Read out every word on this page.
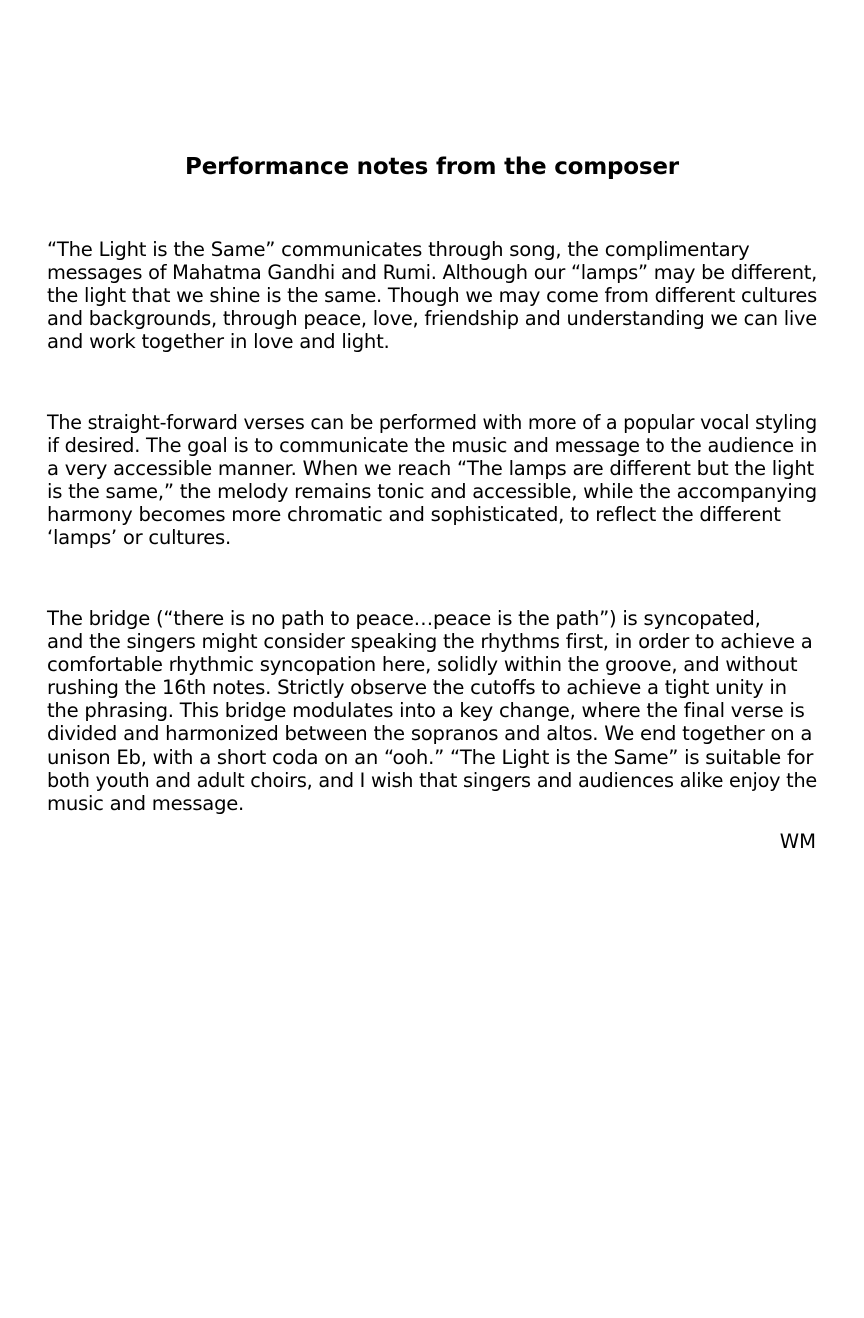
Performance notes from the composer
“The Light is the Same” communicates through song, the complimentary
messages of Mahatma Gandhi and Rumi. Although our “lamps” may be different,
the light that we shine is the same. Though we may come from different cultures
and backgrounds, through peace, love, friendship and understanding we can live
and work together in love and light.
The straight-forward verses can be performed with more of a popular vocal styling
if desired. The goal is to communicate the music and message to the audience in
a very accessible manner. When we reach “The lamps are different but the light
is the same,” the melody remains tonic and accessible, while the accompanying
harmony becomes more chromatic and sophisticated, to reflect the different
‘lamps’ or cultures.
The bridge (“there is no path to peace…peace is the path”) is syncopated,
and the singers might consider speaking the rhythms first, in order to achieve a
comfortable rhythmic syncopation here, solidly within the groove, and without
rushing the 16th notes. Strictly observe the cutoffs to achieve a tight unity in
the phrasing. This bridge modulates into a key change, where the final verse is
divided and harmonized between the sopranos and altos. We end together on a
unison Eb, with a short coda on an “ooh.” “The Light is the Same” is suitable for
both youth and adult choirs, and I wish that singers and audiences alike enjoy the
music and message.

WM
